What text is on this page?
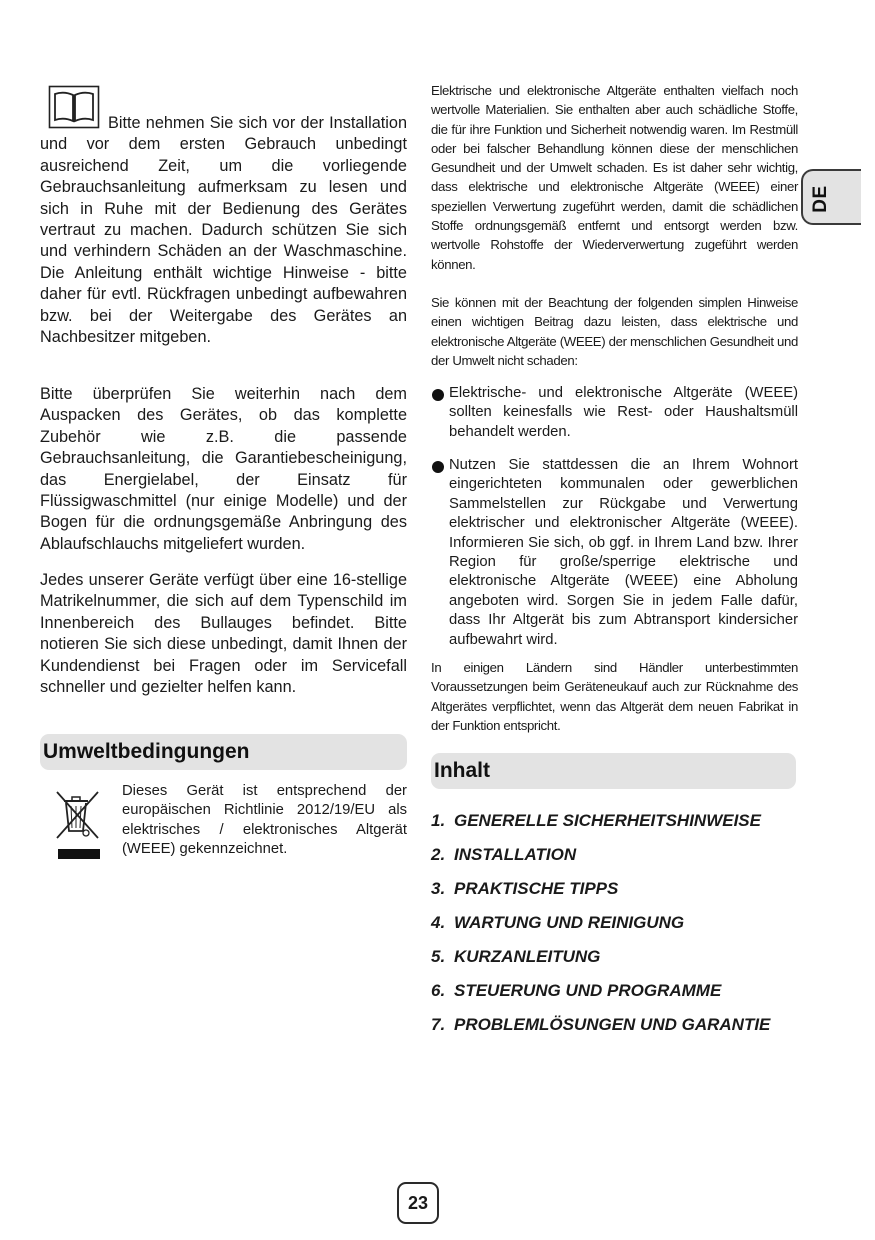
Bitte nehmen Sie sich vor der Installation und vor dem ersten Gebrauch unbedingt ausreichend Zeit, um die vorliegende Gebrauchsanleitung aufmerksam zu lesen und sich in Ruhe mit der Bedienung des Gerätes vertraut zu machen. Dadurch schützen Sie sich und verhindern Schäden an der Waschmaschine. Die Anleitung enthält wichtige Hinweise - bitte daher für evtl. Rückfragen unbedingt aufbewahren bzw. bei der Weitergabe des Gerätes an Nachbesitzer mitgeben.

Bitte überprüfen Sie weiterhin nach dem Auspacken des Gerätes, ob das komplette Zubehör wie z.B. die passende Gebrauchsanleitung, die Garantiebescheinigung, das Energielabel, der Einsatz für Flüssigwaschmittel (nur einige Modelle) und der Bogen für die ordnungsgemäße Anbringung des Ablaufschlauchs mitgeliefert wurden.

Jedes unserer Geräte verfügt über eine 16-stellige Matrikelnummer, die sich auf dem Typenschild im Innenbereich des Bullauges befindet. Bitte notieren Sie sich diese unbedingt, damit Ihnen der Kundendienst bei Fragen oder im Servicefall schneller und gezielter helfen kann.

Umweltbedingungen

Dieses Gerät ist entsprechend der europäischen Richtlinie 2012/19/EU als elektrisches / elektronisches Altgerät (WEEE) gekennzeichnet.

Elektrische und elektronische Altgeräte enthalten vielfach noch wertvolle Materialien. Sie enthalten aber auch schädliche Stoffe, die für ihre Funktion und Sicherheit notwendig waren. Im Restmüll oder bei falscher Behandlung können diese der menschlichen Gesundheit und der Umwelt schaden. Es ist daher sehr wichtig, dass elektrische und elektronische Altgeräte (WEEE) einer speziellen Verwertung zugeführt werden, damit die schädlichen Stoffe ordnungsgemäß entfernt und entsorgt werden bzw. wertvolle Rohstoffe der Wiederverwertung zugeführt werden können.

Sie können mit der Beachtung der folgenden simplen Hinweise einen wichtigen Beitrag dazu leisten, dass elektrische und elektronische Altgeräte (WEEE) der menschlichen Gesundheit und der Umwelt nicht schaden:

Elektrische- und elektronische Altgeräte (WEEE) sollten keinesfalls wie Rest- oder Haushaltsmüll behandelt werden.

Nutzen Sie stattdessen die an Ihrem Wohnort eingerichteten kommunalen oder gewerblichen Sammelstellen zur Rückgabe und Verwertung elektrischer und elektronischer Altgeräte (WEEE). Informieren Sie sich, ob ggf. in Ihrem Land bzw. Ihrer Region für große/sperrige elektrische und elektronische Altgeräte (WEEE) eine Abholung angeboten wird. Sorgen Sie in jedem Falle dafür, dass Ihr Altgerät bis zum Abtransport kindersicher aufbewahrt wird.

In einigen Ländern sind Händler unterbestimmten Voraussetzungen beim Geräteneukauf auch zur Rücknahme des Altgerätes verpflichtet, wenn das Altgerät dem neuen Fabrikat in der Funktion entspricht.

Inhalt
1. GENERELLE SICHERHEITSHINWEISE
2. INSTALLATION
3. PRAKTISCHE TIPPS
4. WARTUNG UND REINIGUNG
5. KURZANLEITUNG
6. STEUERUNG UND PROGRAMME
7. PROBLEMLÖSUNGEN UND GARANTIE
DE
23
